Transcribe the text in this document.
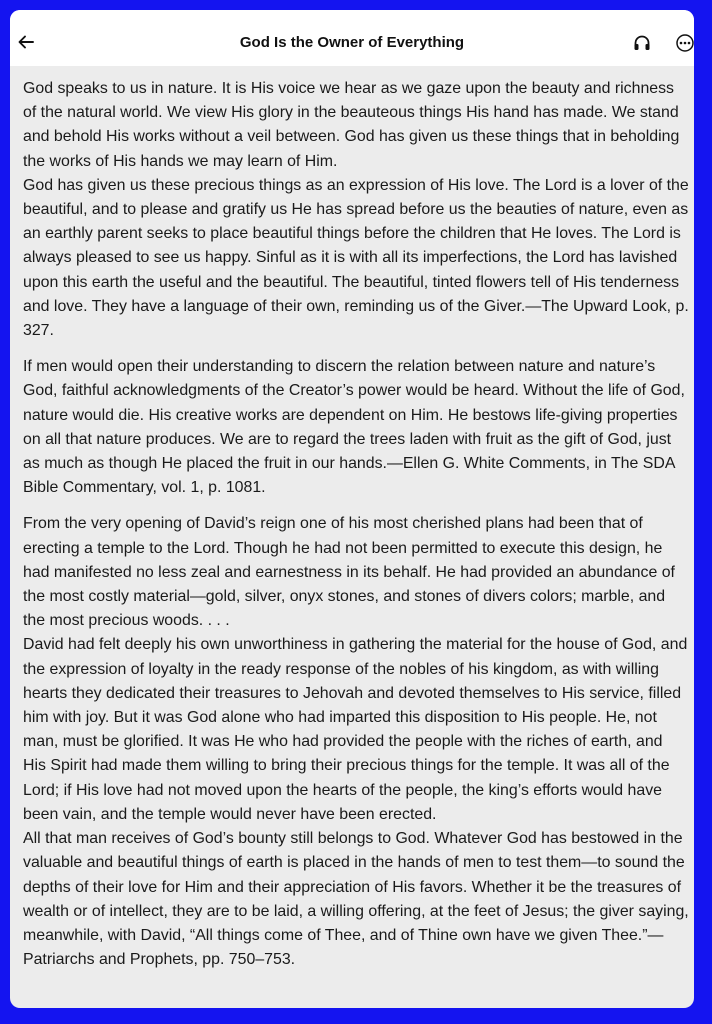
God Is the Owner of Everything

God speaks to us in nature. It is His voice we hear as we gaze upon the beauty and richness of the natural world. We view His glory in the beauteous things His hand has made. We stand and behold His works without a veil between. God has given us these things that in beholding the works of His hands we may learn of Him.

God has given us these precious things as an expression of His love. The Lord is a lover of the beautiful, and to please and gratify us He has spread before us the beauties of nature, even as an earthly parent seeks to place beautiful things before the children that He loves. The Lord is always pleased to see us happy. Sinful as it is with all its imperfections, the Lord has lavished upon this earth the useful and the beautiful. The beautiful, tinted flowers tell of His tenderness and love. They have a language of their own, reminding us of the Giver.—The Upward Look, p. 327.

If men would open their understanding to discern the relation between nature and nature’s God, faithful acknowledgments of the Creator’s power would be heard. Without the life of God, nature would die. His creative works are dependent on Him. He bestows life-giving properties on all that nature produces. We are to regard the trees laden with fruit as the gift of God, just as much as though He placed the fruit in our hands.—Ellen G. White Comments, in The SDA Bible Commentary, vol. 1, p. 1081.

From the very opening of David’s reign one of his most cherished plans had been that of erecting a temple to the Lord. Though he had not been permitted to execute this design, he had manifested no less zeal and earnestness in its behalf. He had provided an abundance of the most costly material—gold, silver, onyx stones, and stones of divers colors; marble, and the most precious woods. . . .

David had felt deeply his own unworthiness in gathering the material for the house of God, and the expression of loyalty in the ready response of the nobles of his kingdom, as with willing hearts they dedicated their treasures to Jehovah and devoted themselves to His service, filled him with joy. But it was God alone who had imparted this disposition to His people. He, not man, must be glorified. It was He who had provided the people with the riches of earth, and His Spirit had made them willing to bring their precious things for the temple. It was all of the Lord; if His love had not moved upon the hearts of the people, the king’s efforts would have been vain, and the temple would never have been erected.

All that man receives of God’s bounty still belongs to God. Whatever God has bestowed in the valuable and beautiful things of earth is placed in the hands of men to test them—to sound the depths of their love for Him and their appreciation of His favors. Whether it be the treasures of wealth or of intellect, they are to be laid, a willing offering, at the feet of Jesus; the giver saying, meanwhile, with David, “All things come of Thee, and of Thine own have we given Thee.”—Patriarchs and Prophets, pp. 750–753.
